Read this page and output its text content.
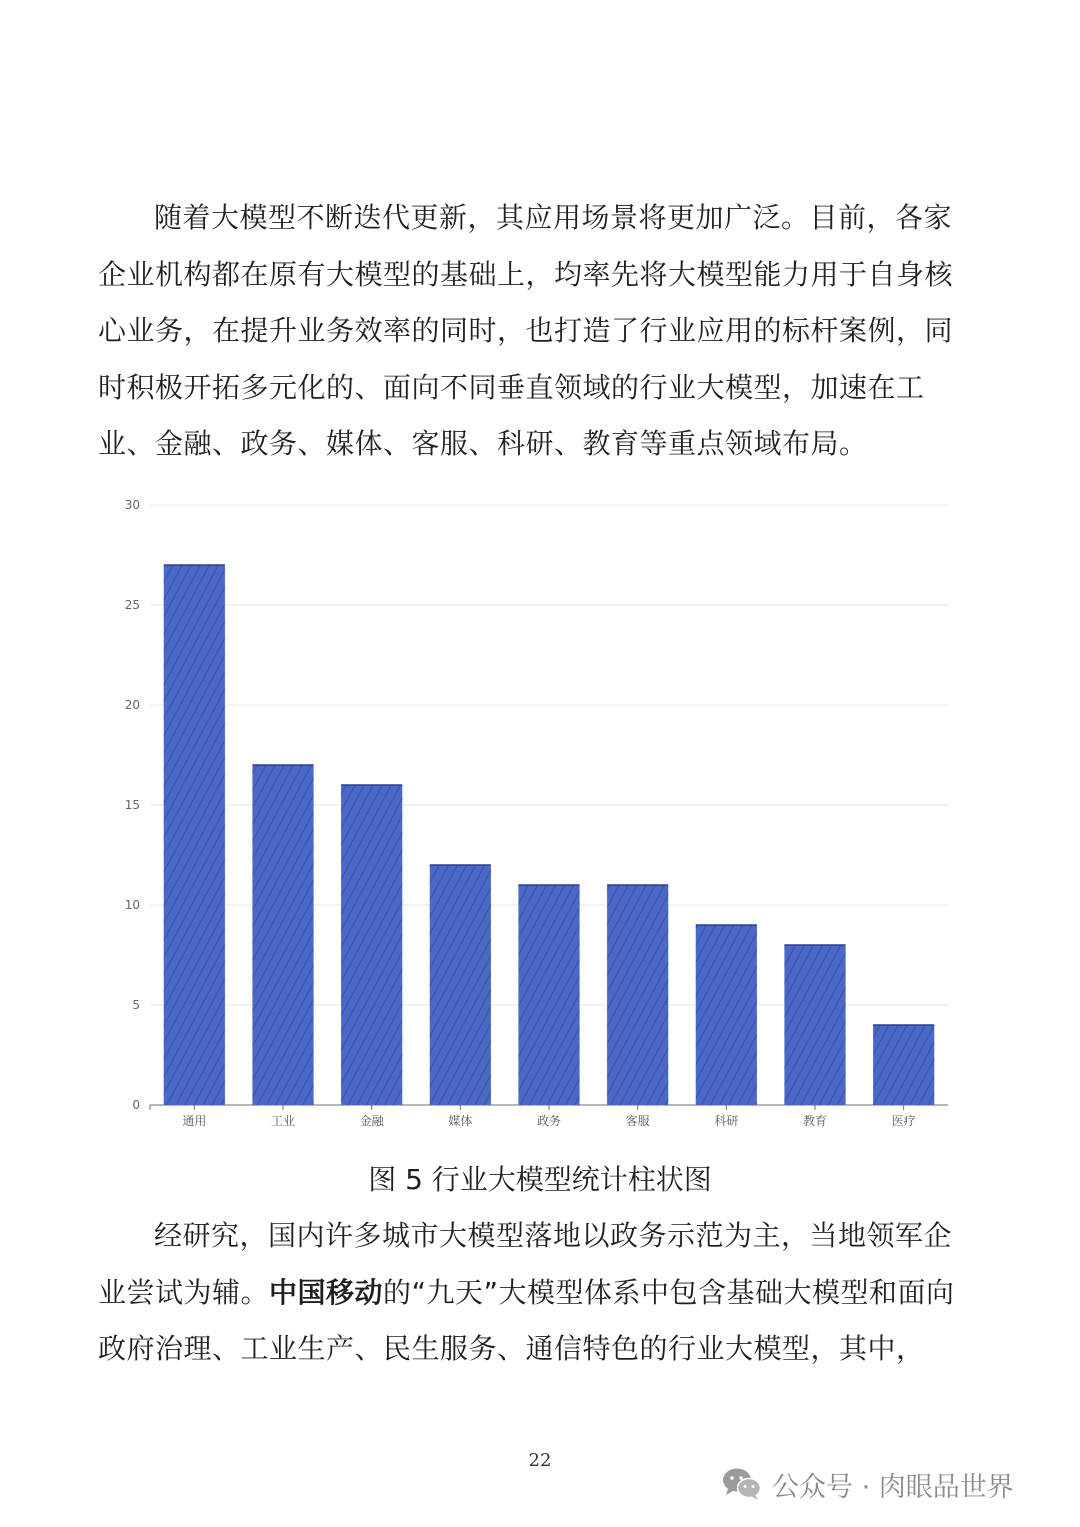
随着大模型不断迭代更新，其应用场景将更加广泛。目前，各家企业机构都在原有大模型的基础上，均率先将大模型能力用于自身核心业务，在提升业务效率的同时，也打造了行业应用的标杆案例，同时积极开拓多元化的、面向不同垂直领域的行业大模型，加速在工业、金融、政务、媒体、客服、科研、教育等重点领域布局。

0
5
10
15
20
25
30
通用	工业	金融	媒体	政务	客服	科研	教育	医疗
图 5 行业大模型统计柱状图

经研究，国内许多城市大模型落地以政务示范为主，当地领军企业尝试为辅。中国移动的“九天”大模型体系中包含基础大模型和面向政府治理、工业生产、民生服务、通信特色的行业大模型，其中，

22
公众号 · 肉眼品世界
